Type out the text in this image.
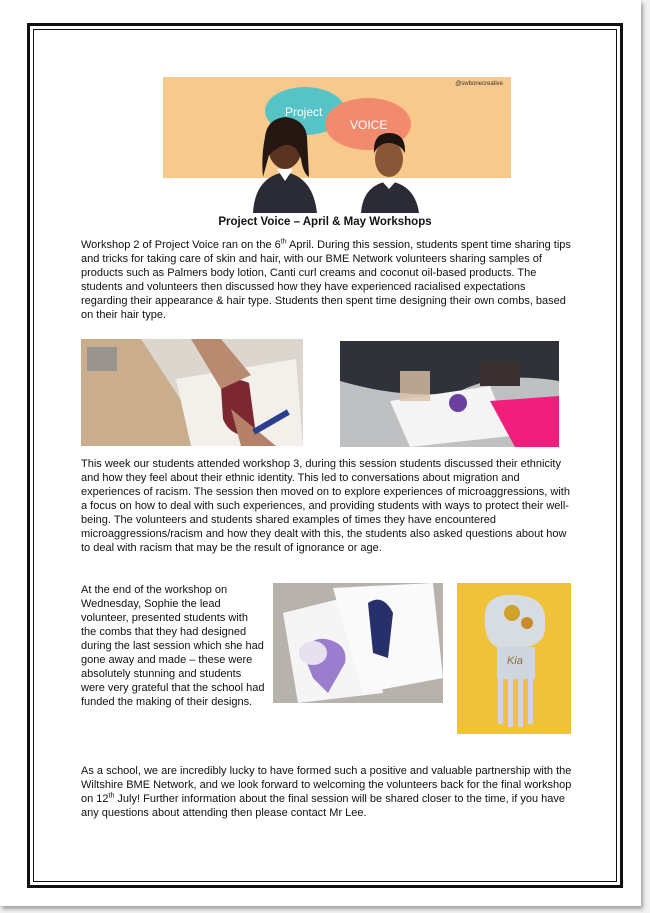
@swbonecreative
Project
VOICE
Project Voice – April & May Workshops

Workshop 2 of Project Voice ran on the 6th April. During this session, students spent time sharing tips and tricks for taking care of skin and hair, with our BME Network volunteers sharing samples of products such as Palmers body lotion, Canti curl creams and coconut oil-based products. The students and volunteers then discussed how they have experienced racialised expectations regarding their appearance & hair type. Students then spent time designing their own combs, based on their hair type.

This week our students attended workshop 3, during this session students discussed their ethnicity and how they feel about their ethnic identity. This led to conversations about migration and experiences of racism. The session then moved on to explore experiences of microaggressions, with a focus on how to deal with such experiences, and providing students with ways to protect their well-being. The volunteers and students shared examples of times they have encountered microaggressions/racism and how they dealt with this, the students also asked questions about how to deal with racism that may be the result of ignorance or age.

At the end of the workshop on Wednesday, Sophie the lead volunteer, presented students with the combs that they had designed during the last session which she had gone away and made – these were absolutely stunning and students were very grateful that the school had funded the making of their designs.

Kia

As a school, we are incredibly lucky to have formed such a positive and valuable partnership with the Wiltshire BME Network, and we look forward to welcoming the volunteers back for the final workshop on 12th July! Further information about the final session will be shared closer to the time, if you have any questions about attending then please contact Mr Lee.
